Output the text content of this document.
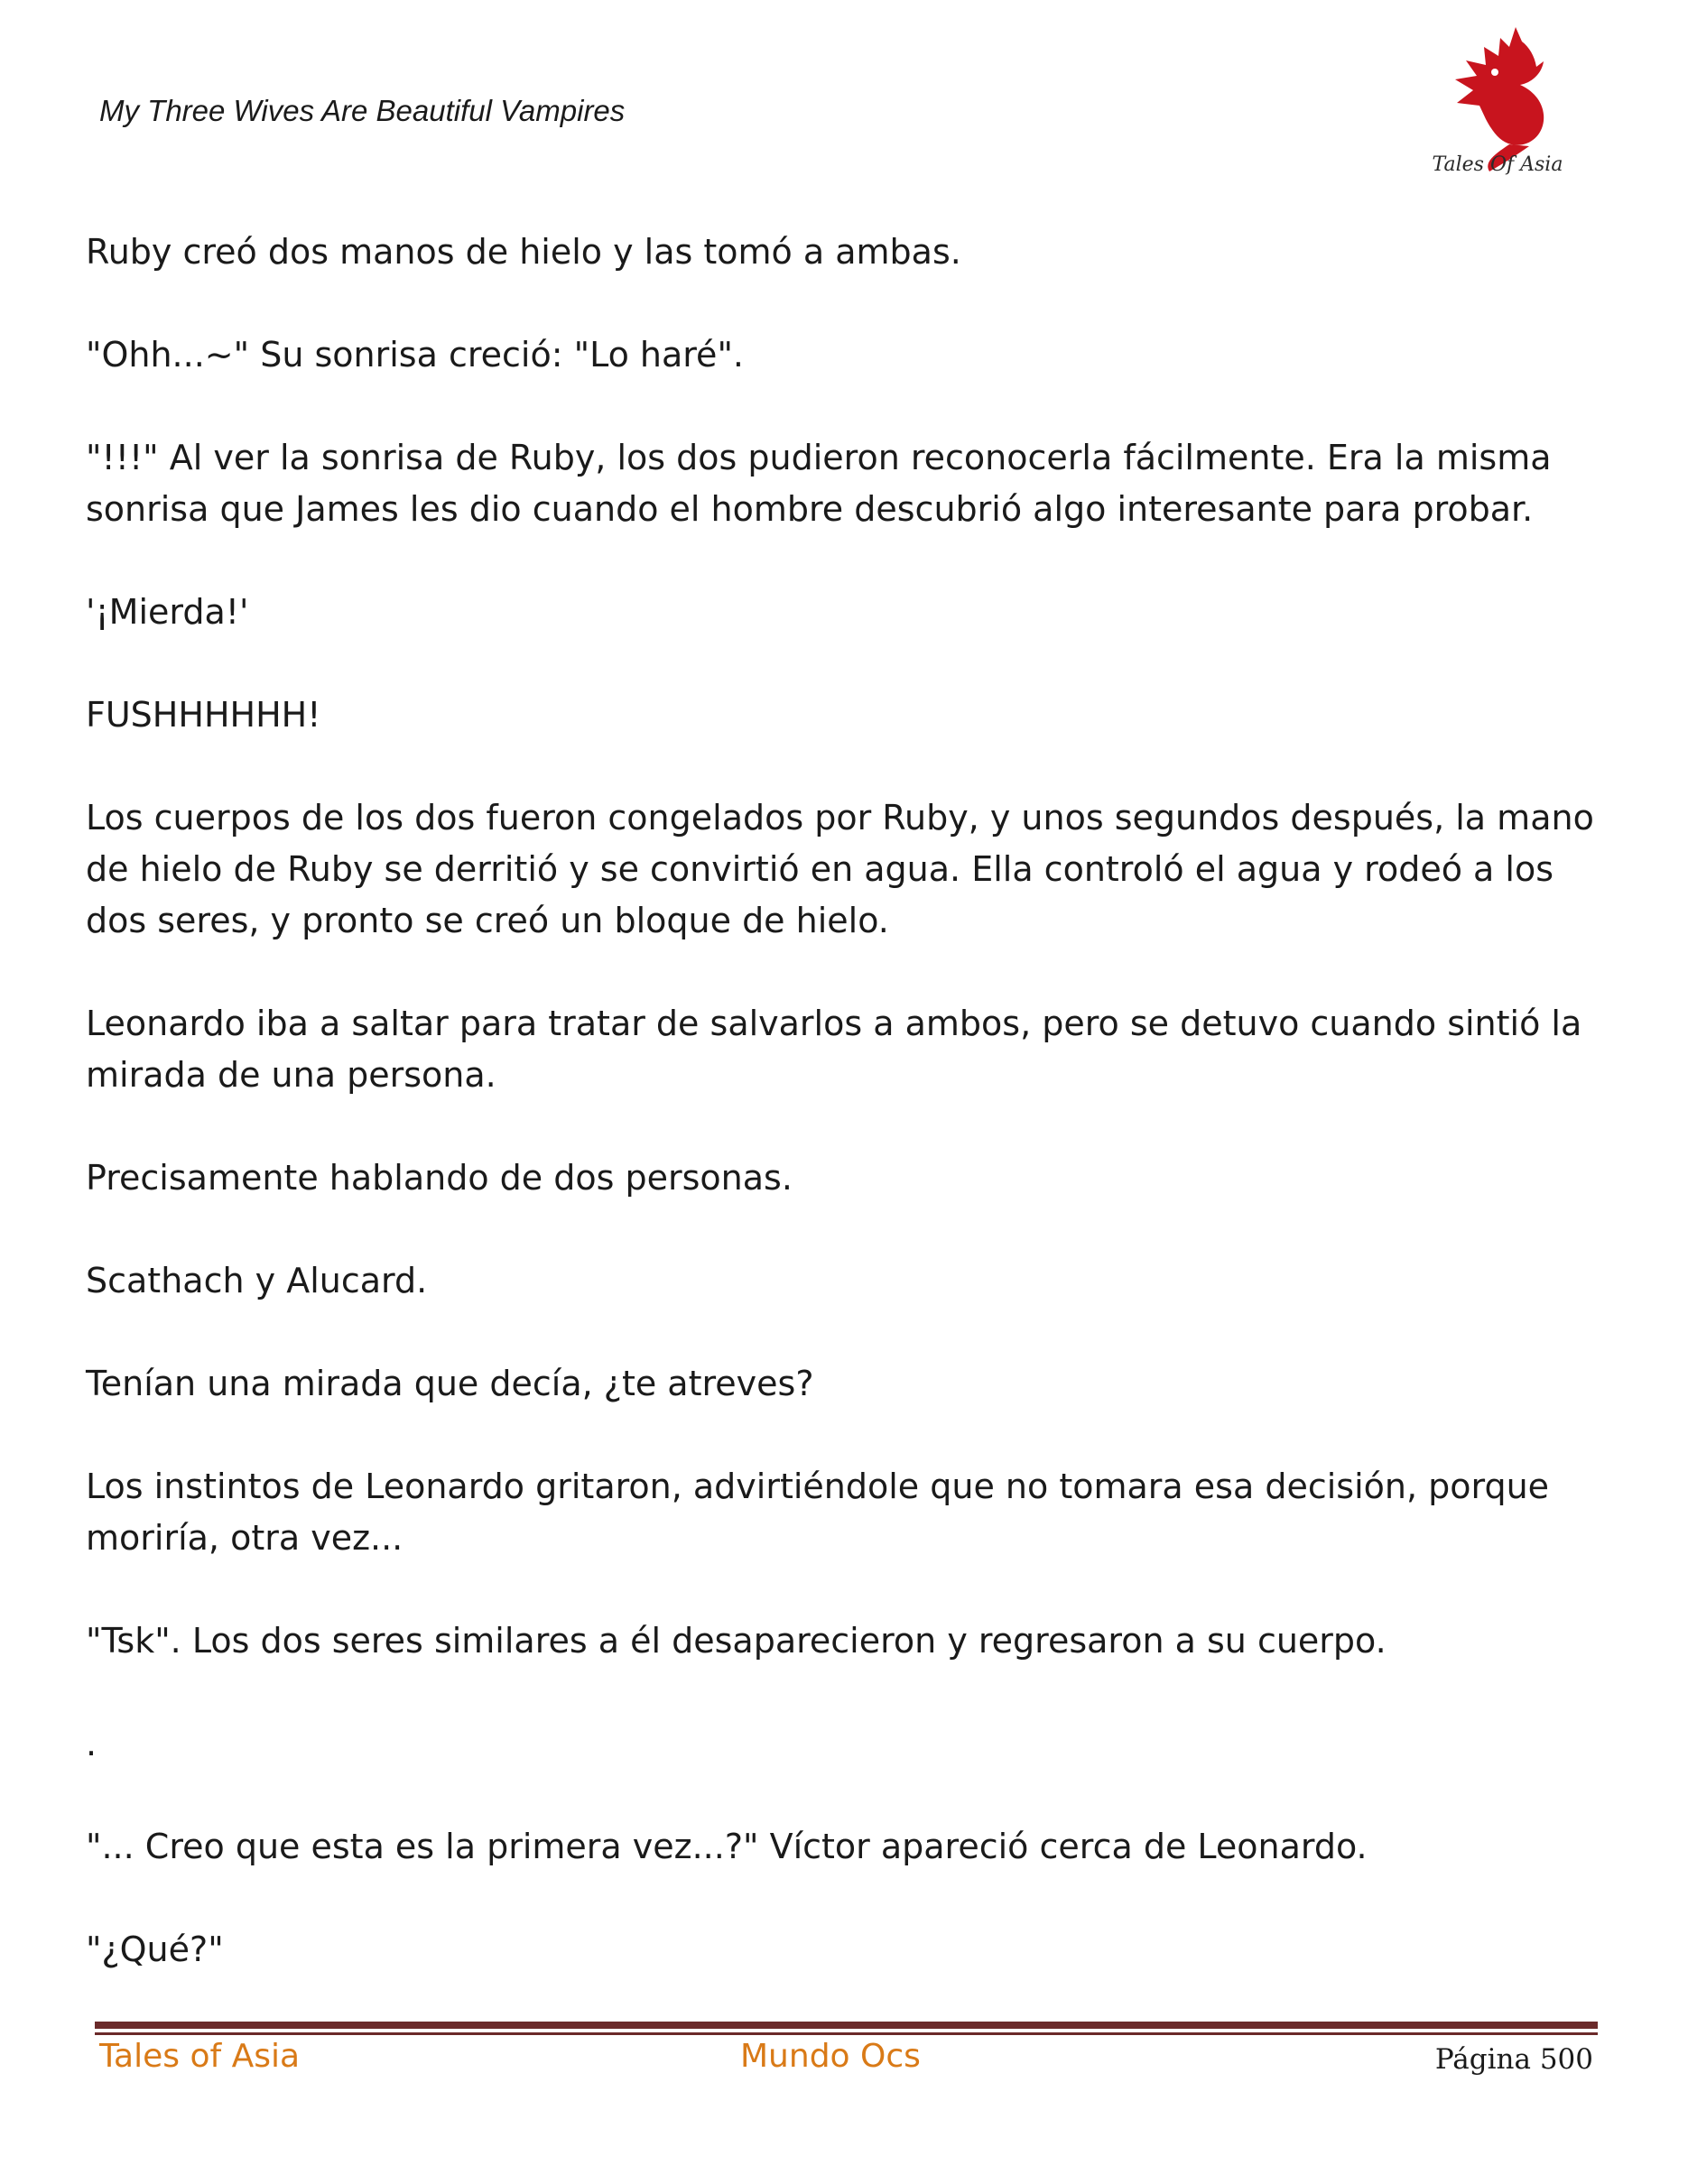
My Three Wives Are Beautiful Vampires

Tales Of Asia

Ruby creó dos manos de hielo y las tomó a ambas.

"Ohh...~" Su sonrisa creció: "Lo haré".

"!!!" Al ver la sonrisa de Ruby, los dos pudieron reconocerla fácilmente. Era la misma sonrisa que James les dio cuando el hombre descubrió algo interesante para probar.

'¡Mierda!'

FUSHHHHHH!

Los cuerpos de los dos fueron congelados por Ruby, y unos segundos después, la mano de hielo de Ruby se derritió y se convirtió en agua. Ella controló el agua y rodeó a los dos seres, y pronto se creó un bloque de hielo.

Leonardo iba a saltar para tratar de salvarlos a ambos, pero se detuvo cuando sintió la mirada de una persona.

Precisamente hablando de dos personas.

Scathach y Alucard.

Tenían una mirada que decía, ¿te atreves?

Los instintos de Leonardo gritaron, advirtiéndole que no tomara esa decisión, porque moriría, otra vez...

"Tsk". Los dos seres similares a él desaparecieron y regresaron a su cuerpo.

.

"... Creo que esta es la primera vez...?" Víctor apareció cerca de Leonardo.

"¿Qué?"

Tales of Asia	Mundo Ocs	Página 500
